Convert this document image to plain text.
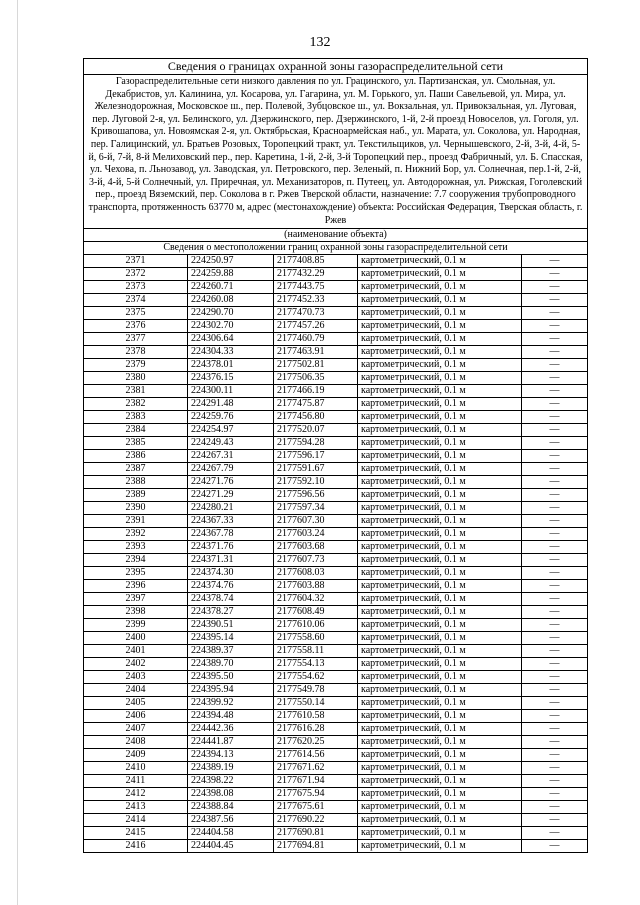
132
Сведения о границах охранной зоны газораспределительной сети				
Газораспределительные сети низкого давления по ул. Грацинского, ул. Партизанская, ул. Смольная, ул. Декабристов, ул. Калинина, ул. Косарова, ул. Гагарина, ул. М. Горького, ул. Паши Савельевой, ул. Мира, ул. Железнодорожная, Московское ш., пер. Полевой, Зубцовское ш., ул. Вокзальная, ул. Привокзальная, ул. Луговая, пер. Луговой 2-я, ул. Белинского, ул. Дзержинского, пер. Дзержинского, 1-й, 2-й проезд Новоселов, ул. Гоголя, ул. Кривошапова, ул. Новоямская 2-я, ул. Октябрьская, Красноармейская наб., ул. Марата, ул. Соколова, ул. Народная, пер. Галицинский, ул. Братьев Розовых, Торопецкий тракт, ул. Текстильщиков, ул. Чернышевского, 2-й, 3-й, 4-й, 5-й, 6-й, 7-й, 8-й Мелиховский пер., пер. Каретина, 1-й, 2-й, 3-й Торопецкий пер., проезд Фабричный, ул. Б. Спасская, ул. Чехова, п. Льнозавод, ул. Заводская, ул. Петровского, пер. Зеленый, п. Нижний Бор, ул. Солнечная, пер.1-й, 2-й, 3-й, 4-й, 5-й Солнечный, ул. Приречная, ул. Механизаторов, п. Путеец, ул. Автодорожная, ул. Рижская, Гоголевский пер., проезд Вяземский, пер. Соколова в г. Ржев Тверской области, назначение: 7.7 сооружения трубопроводного транспорта, протяженность 63770 м, адрес (местонахождение) объекта: Российская Федерация, Тверская область, г. Ржев				
(наименование объекта)				
Сведения о местоположении границ охранной зоны газораспределительной сети				
2371	224250.97	2177408.85	картометрический, 0.1 м	—
2372	224259.88	2177432.29	картометрический, 0.1 м	—
2373	224260.71	2177443.75	картометрический, 0.1 м	—
2374	224260.08	2177452.33	картометрический, 0.1 м	—
2375	224290.70	2177470.73	картометрический, 0.1 м	—
2376	224302.70	2177457.26	картометрический, 0.1 м	—
2377	224306.64	2177460.79	картометрический, 0.1 м	—
2378	224304.33	2177463.91	картометрический, 0.1 м	—
2379	224378.01	2177502.81	картометрический, 0.1 м	—
2380	224376.15	2177506.35	картометрический, 0.1 м	—
2381	224300.11	2177466.19	картометрический, 0.1 м	—
2382	224291.48	2177475.87	картометрический, 0.1 м	—
2383	224259.76	2177456.80	картометрический, 0.1 м	—
2384	224254.97	2177520.07	картометрический, 0.1 м	—
2385	224249.43	2177594.28	картометрический, 0.1 м	—
2386	224267.31	2177596.17	картометрический, 0.1 м	—
2387	224267.79	2177591.67	картометрический, 0.1 м	—
2388	224271.76	2177592.10	картометрический, 0.1 м	—
2389	224271.29	2177596.56	картометрический, 0.1 м	—
2390	224280.21	2177597.34	картометрический, 0.1 м	—
2391	224367.33	2177607.30	картометрический, 0.1 м	—
2392	224367.78	2177603.24	картометрический, 0.1 м	—
2393	224371.76	2177603.68	картометрический, 0.1 м	—
2394	224371.31	2177607.73	картометрический, 0.1 м	—
2395	224374.30	2177608.03	картометрический, 0.1 м	—
2396	224374.76	2177603.88	картометрический, 0.1 м	—
2397	224378.74	2177604.32	картометрический, 0.1 м	—
2398	224378.27	2177608.49	картометрический, 0.1 м	—
2399	224390.51	2177610.06	картометрический, 0.1 м	—
2400	224395.14	2177558.60	картометрический, 0.1 м	—
2401	224389.37	2177558.11	картометрический, 0.1 м	—
2402	224389.70	2177554.13	картометрический, 0.1 м	—
2403	224395.50	2177554.62	картометрический, 0.1 м	—
2404	224395.94	2177549.78	картометрический, 0.1 м	—
2405	224399.92	2177550.14	картометрический, 0.1 м	—
2406	224394.48	2177610.58	картометрический, 0.1 м	—
2407	224442.36	2177616.28	картометрический, 0.1 м	—
2408	224441.87	2177620.25	картометрический, 0.1 м	—
2409	224394.13	2177614.56	картометрический, 0.1 м	—
2410	224389.19	2177671.62	картометрический, 0.1 м	—
2411	224398.22	2177671.94	картометрический, 0.1 м	—
2412	224398.08	2177675.94	картометрический, 0.1 м	—
2413	224388.84	2177675.61	картометрический, 0.1 м	—
2414	224387.56	2177690.22	картометрический, 0.1 м	—
2415	224404.58	2177690.81	картометрический, 0.1 м	—
2416	224404.45	2177694.81	картометрический, 0.1 м	—
